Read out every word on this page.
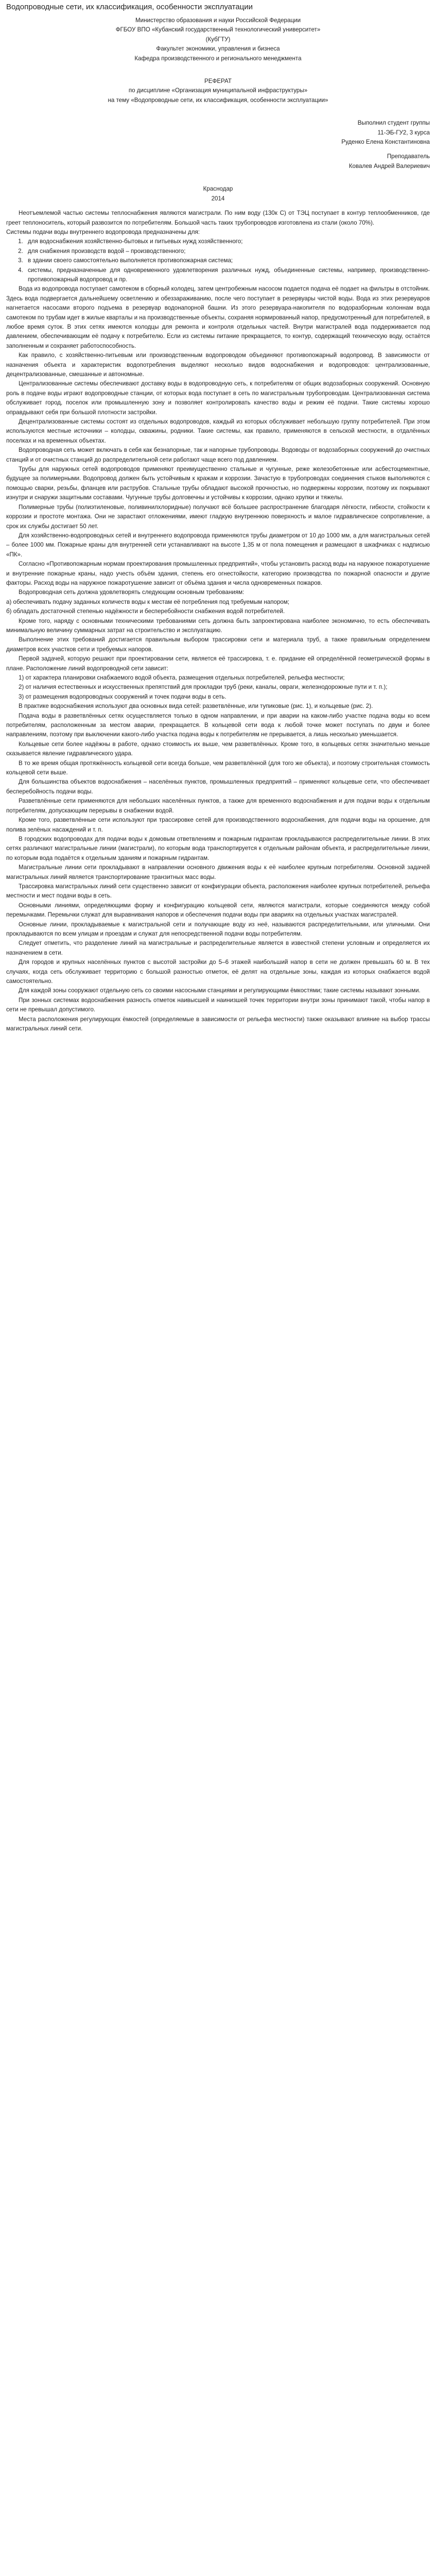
Водопроводные сети, их классификация, особенности эксплуатации

Министерство образования и науки Российской Федерации

ФГБОУ ВПО «Кубанский государственный технологический университет»

(КубГТУ)

Факультет экономики, управления и бизнеса

Кафедра производственного и регионального менеджмента

РЕФЕРАТ

по дисциплине «Организация муниципальной инфраструктуры»

на тему «Водопроводные сети, их классификация, особенности эксплуатации»

Выполнил студент группы

11-ЭБ-ГУ2, 3 курса

Руденко Елена Константиновна

Преподаватель

Ковалев Андрей Валериевич

Краснодар

2014

Неотъемлемой частью системы теплоснабжения являются магистрали. По ним воду (130к С) от ТЭЦ поступает в контур теплообменников, где греет теплоноситель, который развозится по потребителям. Большой часть таких трубопроводов изготовлена из стали (около 70%).

Системы подачи воды внутреннего водопровода предназначены для:

1. для водоснабжения хозяйственно-бытовых и питьевых нужд хозяйственного;
2. для снабжения производств водой – производственного;
3. в здании своего самостоятельно выполняется противопожарная система;
4. системы, предназначенные для одновременного удовлетворения различных нужд, объединенные системы, например, производственно-противопожарный водопровод и пр.

Вода из водопровода поступает самотеком в сборный колодец, затем центробежным насосом подается подача её подает на фильтры в отстойник. Здесь вода подвергается дальнейшему осветлению и обеззараживанию, после чего поступает в резервуары чистой воды. Вода из этих резервуаров нагнетается насосами второго подъема в резервуар водонапорной башни. Из этого резервуара-накопителя по водоразборным колоннам вода самотеком по трубам идет в жилые кварталы и на производственные объекты, сохраняя нормированный напор, предусмотренный для потребителей, в любое время суток. В этих сетях имеются колодцы для ремонта и контроля отдельных частей. Внутри магистралей вода поддерживается под давлением, обеспечивающим её подачу к потребителю. Если из системы питание прекращается, то контур, содержащий техническую воду, остаётся заполненным и сохраняет работоспособность.

Как правило, с хозяйственно-питьевым или производственным водопроводом объединяют противопожарный водопровод. В зависимости от назначения объекта и характеристик водопотребления выделяют несколько видов водоснабжения и водопроводов: централизованные, децентрализованные, смешанные и автономные.

Централизованные системы обеспечивают доставку воды в водопроводную сеть, к потребителям от общих водозаборных сооружений. Основную роль в подаче воды играют водопроводные станции, от которых вода поступает в сеть по магистральным трубопроводам. Централизованная система обслуживает город, поселок или промышленную зону и позволяет контролировать качество воды и режим её подачи. Такие системы хорошо оправдывают себя при большой плотности застройки.

Децентрализованные системы состоят из отдельных водопроводов, каждый из которых обслуживает небольшую группу потребителей. При этом используются местные источники – колодцы, скважины, родники. Такие системы, как правило, применяются в сельской местности, в отдалённых поселках и на временных объектах.

Водопроводная сеть может включать в себя как безнапорные, так и напорные трубопроводы. Водоводы от водозаборных сооружений до очистных станций и от очистных станций до распределительной сети работают чаще всего под давлением.

Трубы для наружных сетей водопроводов применяют преимущественно стальные и чугунные, реже железобетонные или асбестоцементные, будущее за полимерными. Водопровод должен быть устойчивым к кражам и коррозии. Зачастую в трубопроводах соединения стыков выполняются с помощью сварки, резьбы, фланцев или раструбов. Стальные трубы обладают высокой прочностью, но подвержены коррозии, поэтому их покрывают изнутри и снаружи защитными составами. Чугунные трубы долговечны и устойчивы к коррозии, однако хрупки и тяжелы.

Полимерные трубы (полиэтиленовые, поливинилхлоридные) получают всё большее распространение благодаря лёгкости, гибкости, стойкости к коррозии и простоте монтажа. Они не зарастают отложениями, имеют гладкую внутреннюю поверхность и малое гидравлическое сопротивление, а срок их службы достигает 50 лет.

Для хозяйственно-водопроводных сетей и внутреннего водопровода применяются трубы диаметром от 10 до 1000 мм, а для магистральных сетей – более 1000 мм. Пожарные краны для внутренней сети устанавливают на высоте 1,35 м от пола помещения и размещают в шкафчиках с надписью «ПК».

Согласно «Противопожарным нормам проектирования промышленных предприятий», чтобы установить расход воды на наружное пожаротушение и внутренние пожарные краны, надо учесть объём здания, степень его огнестойкости, категорию производства по пожарной опасности и другие факторы. Расход воды на наружное пожаротушение зависит от объёма здания и числа одновременных пожаров.

Водопроводная сеть должна удовлетворять следующим основным требованиям:

а) обеспечивать подачу заданных количеств воды к местам её потребления под требуемым напором;

б) обладать достаточной степенью надёжности и бесперебойности снабжения водой потребителей.

Кроме того, наряду с основными техническими требованиями сеть должна быть запроектирована наиболее экономично, то есть обеспечивать минимальную величину суммарных затрат на строительство и эксплуатацию.

Выполнение этих требований достигается правильным выбором трассировки сети и материала труб, а также правильным определением диаметров всех участков сети и требуемых напоров.

Первой задачей, которую решают при проектировании сети, является её трассировка, т. е. придание ей определённой геометрической формы в плане. Расположение линий водопроводной сети зависит:

1) от характера планировки снабжаемого водой объекта, размещения отдельных потребителей, рельефа местности;

2) от наличия естественных и искусственных препятствий для прокладки труб (реки, каналы, овраги, железнодорожные пути и т. п.);

3) от размещения водопроводных сооружений и точек подачи воды в сеть.

В практике водоснабжения используют два основных вида сетей: разветвлённые, или тупиковые (рис. 1), и кольцевые (рис. 2).

Подача воды в разветвлённых сетях осуществляется только в одном направлении, и при аварии на каком-либо участке подача воды ко всем потребителям, расположенным за местом аварии, прекращается. В кольцевой сети вода к любой точке может поступать по двум и более направлениям, поэтому при выключении какого-либо участка подача воды к потребителям не прерывается, а лишь несколько уменьшается.

Кольцевые сети более надёжны в работе, однако стоимость их выше, чем разветвлённых. Кроме того, в кольцевых сетях значительно меньше сказывается явление гидравлического удара.

В то же время общая протяжённость кольцевой сети всегда больше, чем разветвлённой (для того же объекта), и поэтому строительная стоимость кольцевой сети выше.

Для большинства объектов водоснабжения – населённых пунктов, промышленных предприятий – применяют кольцевые сети, что обеспечивает бесперебойность подачи воды.

Разветвлённые сети применяются для небольших населённых пунктов, а также для временного водоснабжения и для подачи воды к отдельным потребителям, допускающим перерывы в снабжении водой.

Кроме того, разветвлённые сети используют при трассировке сетей для производственного водоснабжения, для подачи воды на орошение, для полива зелёных насаждений и т. п.

В городских водопроводах для подачи воды к домовым ответвлениям и пожарным гидрантам прокладываются распределительные линии. В этих сетях различают магистральные линии (магистрали), по которым вода транспортируется к отдельным районам объекта, и распределительные линии, по которым вода подаётся к отдельным зданиям и пожарным гидрантам.

Магистральные линии сети прокладывают в направлении основного движения воды к её наиболее крупным потребителям. Основной задачей магистральных линий является транспортирование транзитных масс воды.

Трассировка магистральных линий сети существенно зависит от конфигурации объекта, расположения наиболее крупных потребителей, рельефа местности и мест подачи воды в сеть.

Основными линиями, определяющими форму и конфигурацию кольцевой сети, являются магистрали, которые соединяются между собой перемычками. Перемычки служат для выравнивания напоров и обеспечения подачи воды при авариях на отдельных участках магистралей.

Основные линии, прокладываемые к магистральной сети и получающие воду из неё, называются распределительными, или уличными. Они прокладываются по всем улицам и проездам и служат для непосредственной подачи воды потребителям.

Следует отметить, что разделение линий на магистральные и распределительные является в известной степени условным и определяется их назначением в сети.

Для городов и крупных населённых пунктов с высотой застройки до 5–6 этажей наибольший напор в сети не должен превышать 60 м. В тех случаях, когда сеть обслуживает территорию с большой разностью отметок, её делят на отдельные зоны, каждая из которых снабжается водой самостоятельно.

Для каждой зоны сооружают отдельную сеть со своими насосными станциями и регулирующими ёмкостями; такие системы называют зонными.

При зонных системах водоснабжения разность отметок наивысшей и наинизшей точек территории внутри зоны принимают такой, чтобы напор в сети не превышал допустимого.

Места расположения регулирующих ёмкостей (определяемые в зависимости от рельефа местности) также оказывают влияние на выбор трассы магистральных линий сети.
